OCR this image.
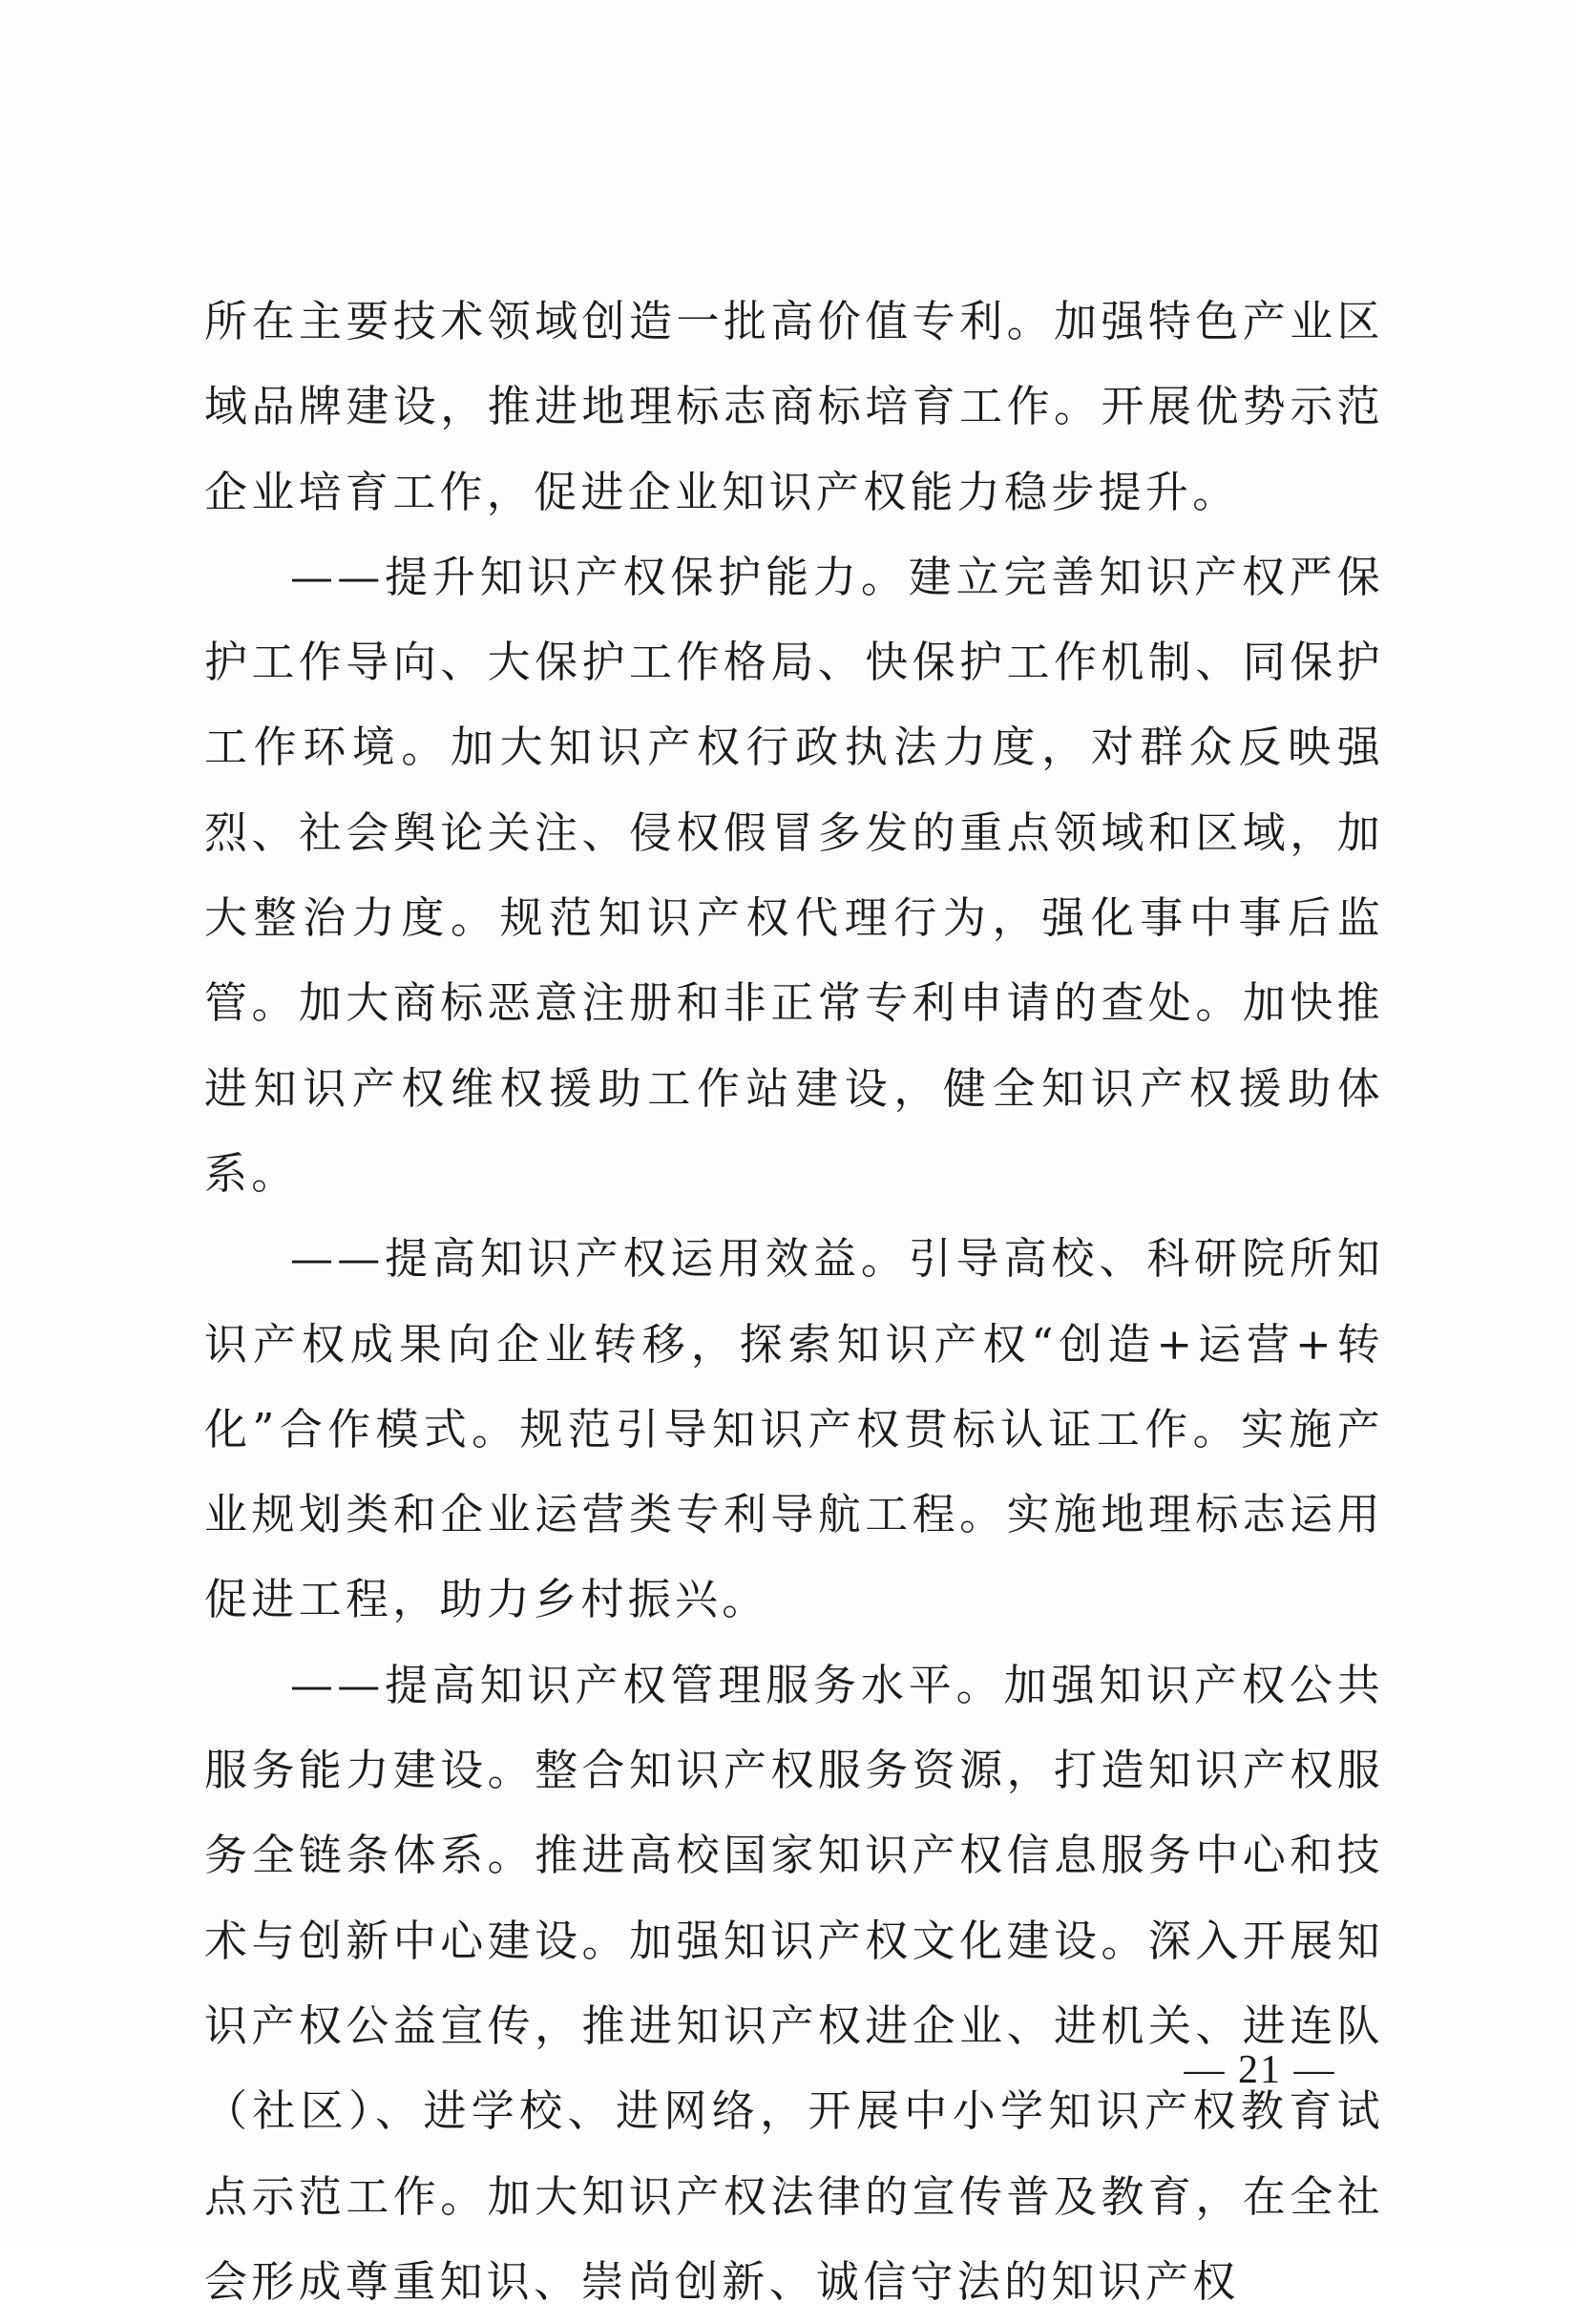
所在主要技术领域创造一批高价值专利。加强特色产业区域品牌建设，推进地理标志商标培育工作。开展优势示范企业培育工作，促进企业知识产权能力稳步提升。

——提升知识产权保护能力。建立完善知识产权严保护工作导向、大保护工作格局、快保护工作机制、同保护工作环境。加大知识产权行政执法力度，对群众反映强烈、社会舆论关注、侵权假冒多发的重点领域和区域，加大整治力度。规范知识产权代理行为，强化事中事后监管。加大商标恶意注册和非正常专利申请的查处。加快推进知识产权维权援助工作站建设，健全知识产权援助体系。

——提高知识产权运用效益。引导高校、科研院所知识产权成果向企业转移，探索知识产权“创造+运营+转化”合作模式。规范引导知识产权贯标认证工作。实施产业规划类和企业运营类专利导航工程。实施地理标志运用促进工程，助力乡村振兴。

——提高知识产权管理服务水平。加强知识产权公共服务能力建设。整合知识产权服务资源，打造知识产权服务全链条体系。推进高校国家知识产权信息服务中心和技术与创新中心建设。加强知识产权文化建设。深入开展知识产权公益宣传，推进知识产权进企业、进机关、进连队（社区）、进学校、进网络，开展中小学知识产权教育试点示范工作。加大知识产权法律的宣传普及教育，在全社会形成尊重知识、崇尚创新、诚信守法的知识产权

— 21 —
